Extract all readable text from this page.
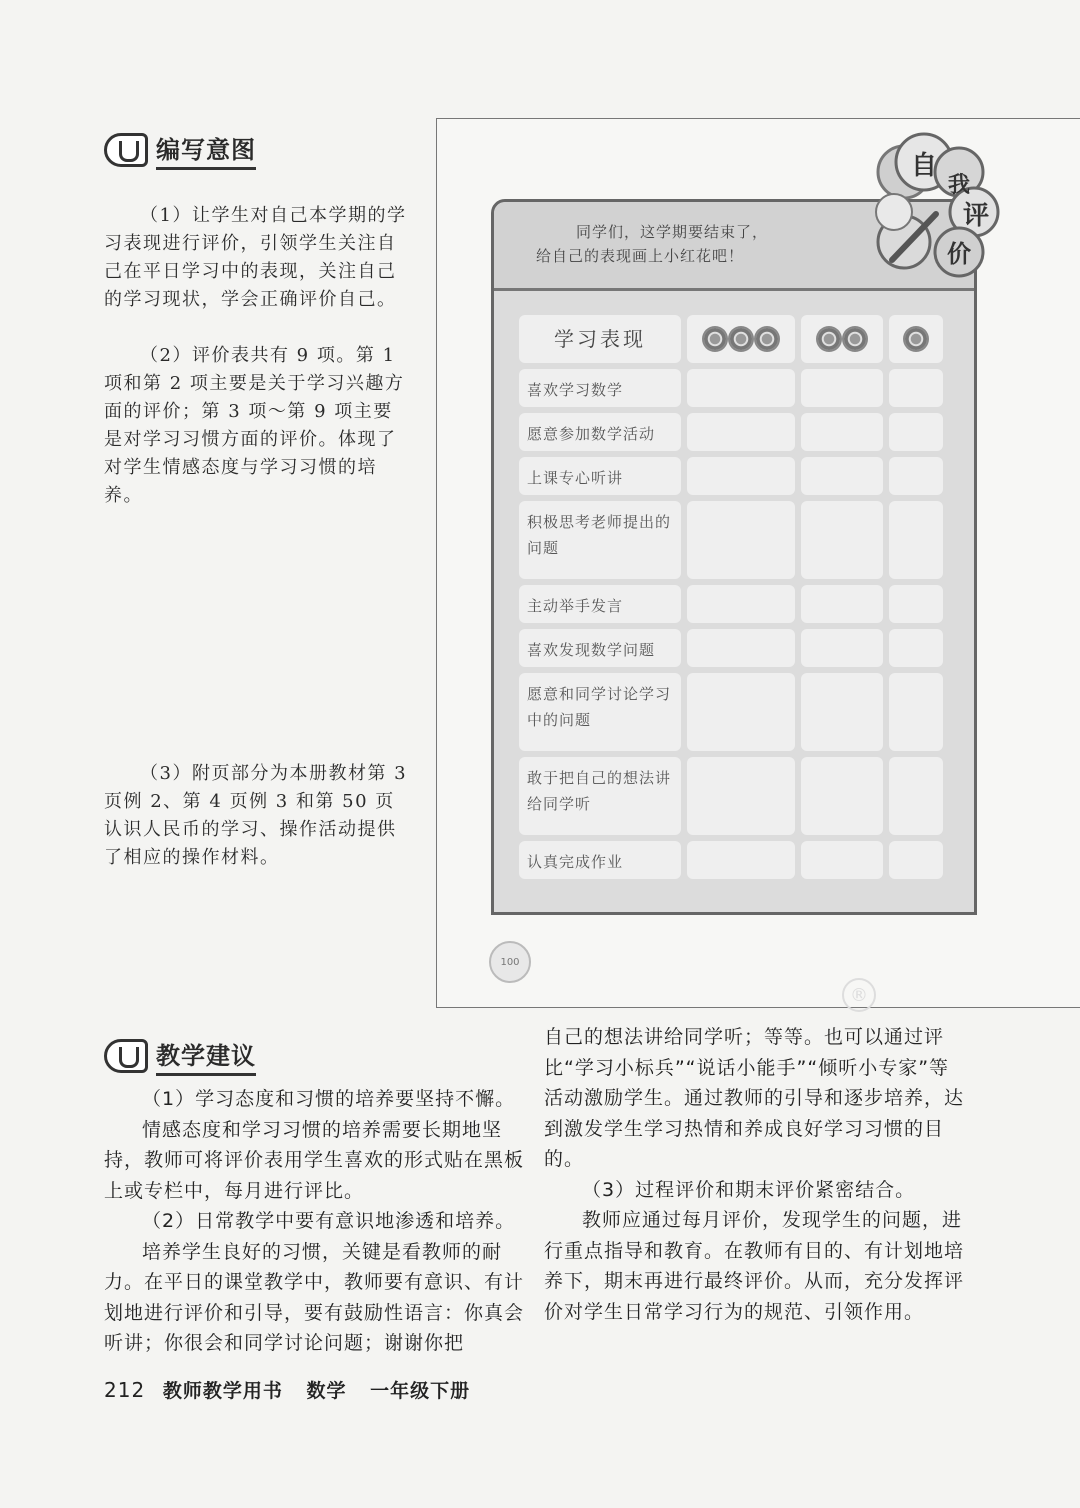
编写意图

（1）让学生对自己本学期的学习表现进行评价，引领学生关注自己在平日学习中的表现，关注自己的学习现状，学会正确评价自己。

（2）评价表共有 9 项。第 1 项和第 2 项主要是关于学习兴趣方面的评价；第 3 项～第 9 项主要是对学习习惯方面的评价。体现了对学生情感态度与学习习惯的培养。

（3）附页部分为本册教材第 3 页例 2、第 4 页例 3 和第 50 页认识人民币的学习、操作活动提供了相应的操作材料。

同学们，这学期要结束了，
给自己的表现画上小红花吧！
自
我
评
价
学习表现
喜欢学习数学
愿意参加数学活动
上课专心听讲
积极思考老师提出的问题
主动举手发言
喜欢发现数学问题
愿意和同学讨论学习中的问题
敢于把自己的想法讲给同学听
认真完成作业
100
®
教学建议

（1）学习态度和习惯的培养要坚持不懈。

情感态度和学习习惯的培养需要长期地坚持，教师可将评价表用学生喜欢的形式贴在黑板上或专栏中，每月进行评比。

（2）日常教学中要有意识地渗透和培养。

培养学生良好的习惯，关键是看教师的耐力。在平日的课堂教学中，教师要有意识、有计划地进行评价和引导，要有鼓励性语言：你真会听讲；你很会和同学讨论问题；谢谢你把

自己的想法讲给同学听；等等。也可以通过评比“学习小标兵”“说话小能手”“倾听小专家”等活动激励学生。通过教师的引导和逐步培养，达到激发学生学习热情和养成良好学习习惯的目的。

（3）过程评价和期末评价紧密结合。

教师应通过每月评价，发现学生的问题，进行重点指导和教育。在教师有目的、有计划地培养下，期末再进行最终评价。从而，充分发挥评价对学生日常学习行为的规范、引领作用。

212 教师教学用书 数学 一年级下册
